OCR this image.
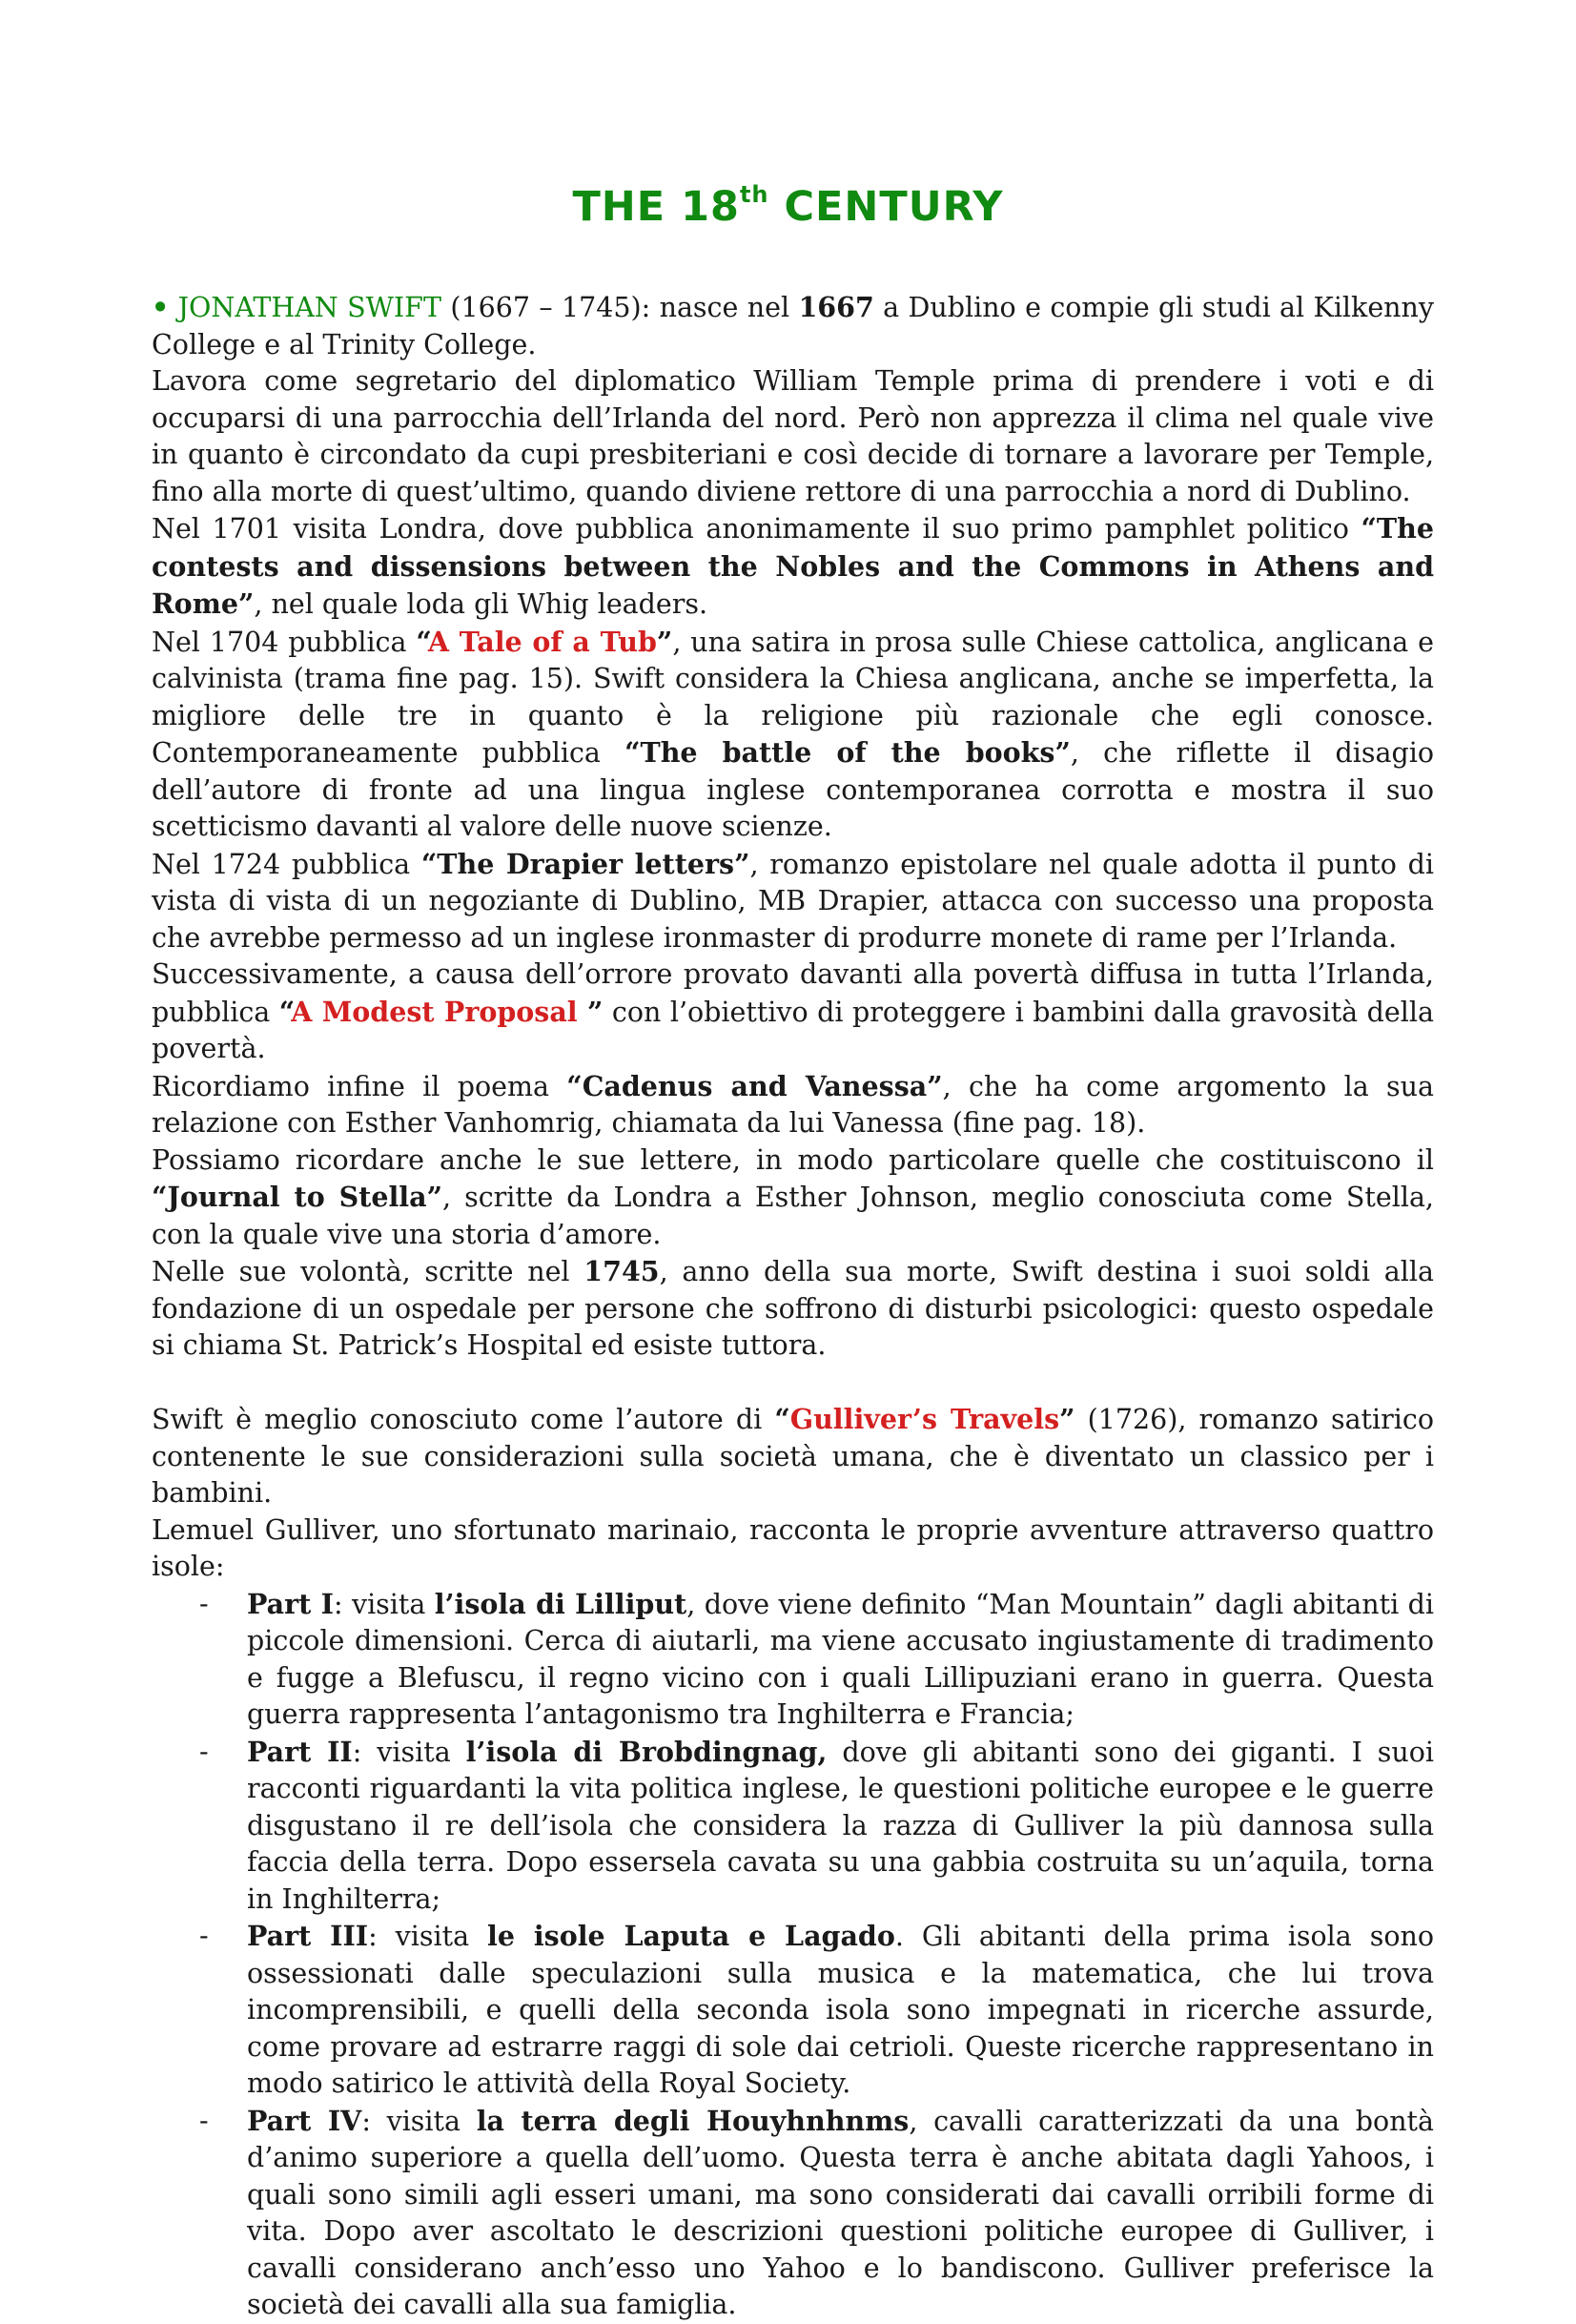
THE 18th CENTURY

• JONATHAN SWIFT (1667 – 1745): nasce nel 1667 a Dublino e compie gli studi al Kilkenny College e al Trinity College.

Lavora come segretario del diplomatico William Temple prima di prendere i voti e di occuparsi di una parrocchia dell’Irlanda del nord. Però non apprezza il clima nel quale vive in quanto è circondato da cupi presbiteriani e così decide di tornare a lavorare per Temple, fino alla morte di quest’ultimo, quando diviene rettore di una parrocchia a nord di Dublino.

Nel 1701 visita Londra, dove pubblica anonimamente il suo primo pamphlet politico “The contests and dissensions between the Nobles and the Commons in Athens and Rome”, nel quale loda gli Whig leaders.

Nel 1704 pubblica “A Tale of a Tub”, una satira in prosa sulle Chiese cattolica, anglicana e calvinista (trama fine pag. 15). Swift considera la Chiesa anglicana, anche se imperfetta, la migliore delle tre in quanto è la religione più razionale che egli conosce. Contemporaneamente pubblica “The battle of the books”, che riflette il disagio dell’autore di fronte ad una lingua inglese contemporanea corrotta e mostra il suo scetticismo davanti al valore delle nuove scienze.

Nel 1724 pubblica “The Drapier letters”, romanzo epistolare nel quale adotta il punto di vista di vista di un negoziante di Dublino, MB Drapier, attacca con successo una proposta che avrebbe permesso ad un inglese ironmaster di produrre monete di rame per l’Irlanda.

Successivamente, a causa dell’orrore provato davanti alla povertà diffusa in tutta l’Irlanda, pubblica “A Modest Proposal ” con l’obiettivo di proteggere i bambini dalla gravosità della povertà.

Ricordiamo infine il poema “Cadenus and Vanessa”, che ha come argomento la sua relazione con Esther Vanhomrig, chiamata da lui Vanessa (fine pag. 18).

Possiamo ricordare anche le sue lettere, in modo particolare quelle che costituiscono il “Journal to Stella”, scritte da Londra a Esther Johnson, meglio conosciuta come Stella, con la quale vive una storia d’amore.

Nelle sue volontà, scritte nel 1745, anno della sua morte, Swift destina i suoi soldi alla fondazione di un ospedale per persone che soffrono di disturbi psicologici: questo ospedale si chiama St. Patrick’s Hospital ed esiste tuttora.

Swift è meglio conosciuto come l’autore di “Gulliver’s Travels” (1726), romanzo satirico contenente le sue considerazioni sulla società umana, che è diventato un classico per i bambini.

Lemuel Gulliver, uno sfortunato marinaio, racconta le proprie avventure attraverso quattro isole:

- Part I: visita l’isola di Lilliput, dove viene definito “Man Mountain” dagli abitanti di piccole dimensioni. Cerca di aiutarli, ma viene accusato ingiustamente di tradimento e fugge a Blefuscu, il regno vicino con i quali Lillipuziani erano in guerra. Questa guerra rappresenta l’antagonismo tra Inghilterra e Francia;
- Part II: visita l’isola di Brobdingnag, dove gli abitanti sono dei giganti. I suoi racconti riguardanti la vita politica inglese, le questioni politiche europee e le guerre disgustano il re dell’isola che considera la razza di Gulliver la più dannosa sulla faccia della terra. Dopo essersela cavata su una gabbia costruita su un’aquila, torna in Inghilterra;
- Part III: visita le isole Laputa e Lagado. Gli abitanti della prima isola sono ossessionati dalle speculazioni sulla musica e la matematica, che lui trova incomprensibili, e quelli della seconda isola sono impegnati in ricerche assurde, come provare ad estrarre raggi di sole dai cetrioli. Queste ricerche rappresentano in modo satirico le attività della Royal Society.
- Part IV: visita la terra degli Houyhnhnms, cavalli caratterizzati da una bontà d’animo superiore a quella dell’uomo. Questa terra è anche abitata dagli Yahoos, i quali sono simili agli esseri umani, ma sono considerati dai cavalli orribili forme di vita. Dopo aver ascoltato le descrizioni questioni politiche europee di Gulliver, i cavalli considerano anch’esso uno Yahoo e lo bandiscono. Gulliver preferisce la società dei cavalli alla sua famiglia.
